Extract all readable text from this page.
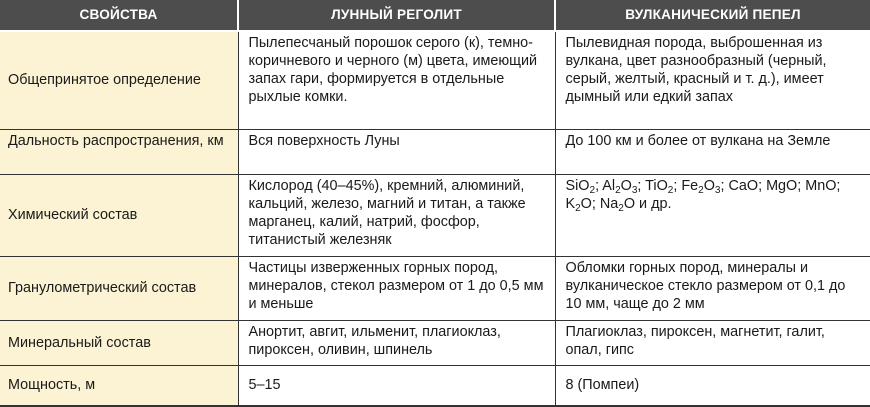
СВОЙСТВА	ЛУННЫЙ РЕГОЛИТ	ВУЛКАНИЧЕСКИЙ ПЕПЕЛ
Общепринятое определение	Пылепесчаный порошок серого (к), темно-коричневого и черного (м) цвета, имеющий запах гари, формируется в отдельные рыхлые комки.	Пылевидная порода, выброшенная из вулкана, цвет разнообразный (черный, серый, желтый, красный и т. д.), имеет дымный или едкий запах
Дальность распространения, км	Вся поверхность Луны	До 100 км и более от вулкана на Земле
Химический состав	Кислород (40–45%), кремний, алюминий, кальций, железо, магний и титан, а также марганец, калий, натрий, фосфор, титанистый железняк	SiO$_2$; $Al_2O_3$; TiO$_2$; $Fe_2O_3$; CaO; MgO; MnO;
$K_2O$; $Na_2O$ и др.
Гранулометрический состав	Частицы изверженных горных пород, минералов, стекол размером от 1 до 0,5 мм и меньше	Обломки горных пород, минералы и вулканическое стекло размером от 0,1 до 10 мм, чаще до 2 мм
Минеральный состав	Анортит, авгит, ильменит, плагиоклаз, пироксен, оливин, шпинель	Плагиоклаз, пироксен, магнетит, галит, опал, гипс
Мощность, м	5–15	8 (Помпеи)
